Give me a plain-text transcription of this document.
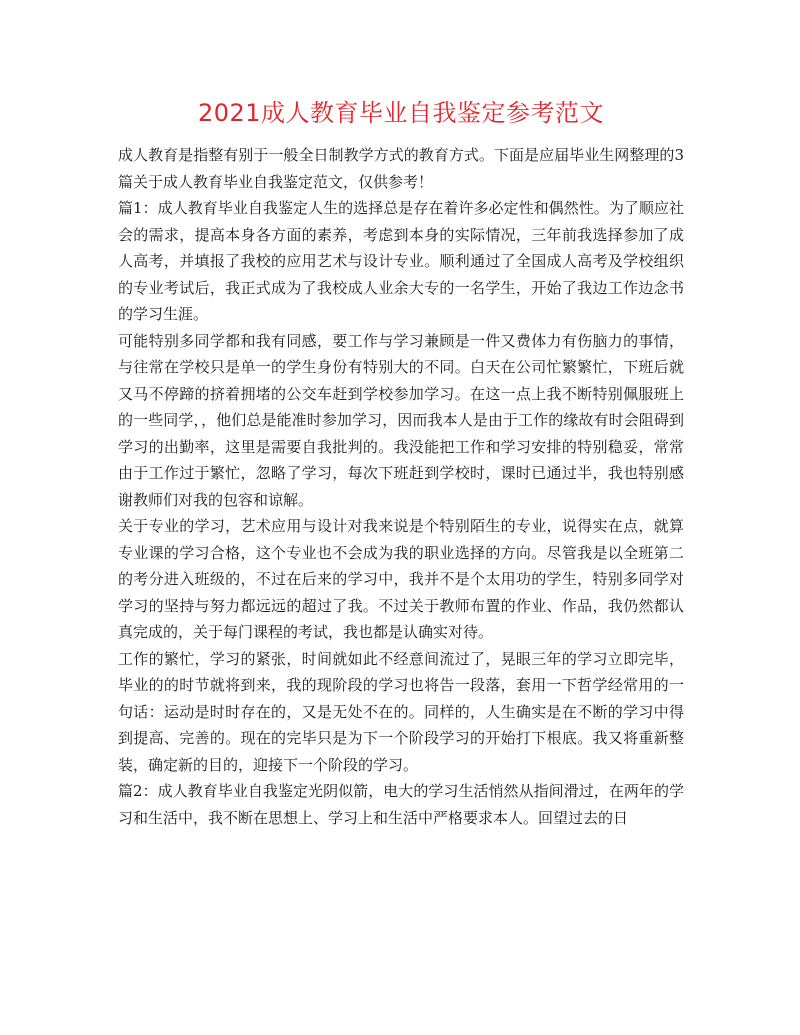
2021成人教育毕业自我鉴定参考范文

成人教育是指整有别于一般全日制教学方式的教育方式。下面是应届毕业生网整理的3篇关于成人教育毕业自我鉴定范文，仅供参考！

篇1：成人教育毕业自我鉴定人生的选择总是存在着许多必定性和偶然性。为了顺应社会的需求，提高本身各方面的素养，考虑到本身的实际情况，三年前我选择参加了成人高考，并填报了我校的应用艺术与设计专业。顺利通过了全国成人高考及学校组织的专业考试后，我正式成为了我校成人业余大专的一名学生，开始了我边工作边念书的学习生涯。

可能特别多同学都和我有同感，要工作与学习兼顾是一件又费体力有伤脑力的事情，与往常在学校只是单一的学生身份有特别大的不同。白天在公司忙繁繁忙，下班后就又马不停蹄的挤着拥堵的公交车赶到学校参加学习。在这一点上我不断特别佩服班上的一些同学，，他们总是能准时参加学习，因而我本人是由于工作的缘故有时会阻碍到学习的出勤率，这里是需要自我批判的。我没能把工作和学习安排的特别稳妥，常常由于工作过于繁忙，忽略了学习，每次下班赶到学校时，课时已通过半，我也特别感谢教师们对我的包容和谅解。

关于专业的学习，艺术应用与设计对我来说是个特别陌生的专业，说得实在点，就算专业课的学习合格，这个专业也不会成为我的职业选择的方向。尽管我是以全班第二的考分进入班级的，不过在后来的学习中，我并不是个太用功的学生，特别多同学对学习的坚持与努力都远远的超过了我。不过关于教师布置的作业、作品，我仍然都认真完成的，关于每门课程的考试，我也都是认确实对待。

工作的繁忙，学习的紧张，时间就如此不经意间流过了，晃眼三年的学习立即完毕，毕业的的时节就将到来，我的现阶段的学习也将告一段落，套用一下哲学经常用的一句话：运动是时时存在的，又是无处不在的。同样的，人生确实是在不断的学习中得到提高、完善的。现在的完毕只是为下一个阶段学习的开始打下根底。我又将重新整装，确定新的目的，迎接下一个阶段的学习。

篇2：成人教育毕业自我鉴定光阴似箭，电大的学习生活悄然从指间滑过，在两年的学习和生活中，我不断在思想上、学习上和生活中严格要求本人。回望过去的日
